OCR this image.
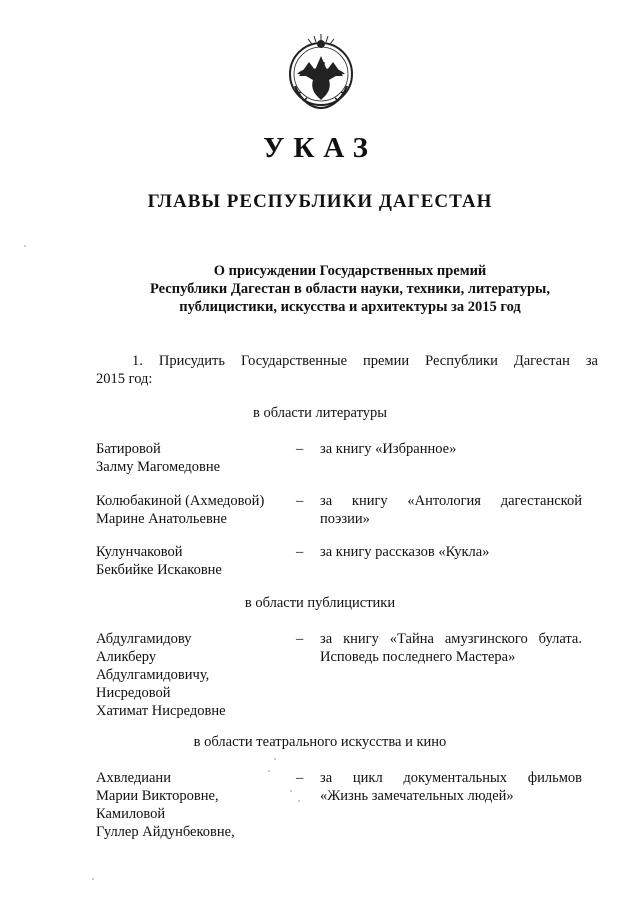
УКАЗ
ГЛАВЫ РЕСПУБЛИКИ ДАГЕСТАН
О присуждении Государственных премий
Республики Дагестан в области науки, техники, литературы,
публицистики, искусства и архитектуры за 2015 год
1. Присудить Государственные премии Республики Дагестан за
2015 год:

в области литературы

Батировой
Залму Магомедовне
– за книгу «Избранное»
Колюбакиной (Ахмедовой)
Марине Анатольевне
– за книгу «Антология дагестанской
поэзии»
Кулунчаковой
Бекбийке Искаковне
– за книгу рассказов «Кукла»

в области публицистики

Абдулгамидову
Аликберу
Абдулгамидовичу,
Нисредовой
Хатимат Нисредовне
– за книгу «Тайна амузгинского булата.
Исповедь последнего Мастера»

в области театрального искусства и кино

Ахвледиани
Марии Викторовне,
Камиловой
Гуллер Айдунбековне,
– за цикл документальных фильмов
«Жизнь замечательных людей»
